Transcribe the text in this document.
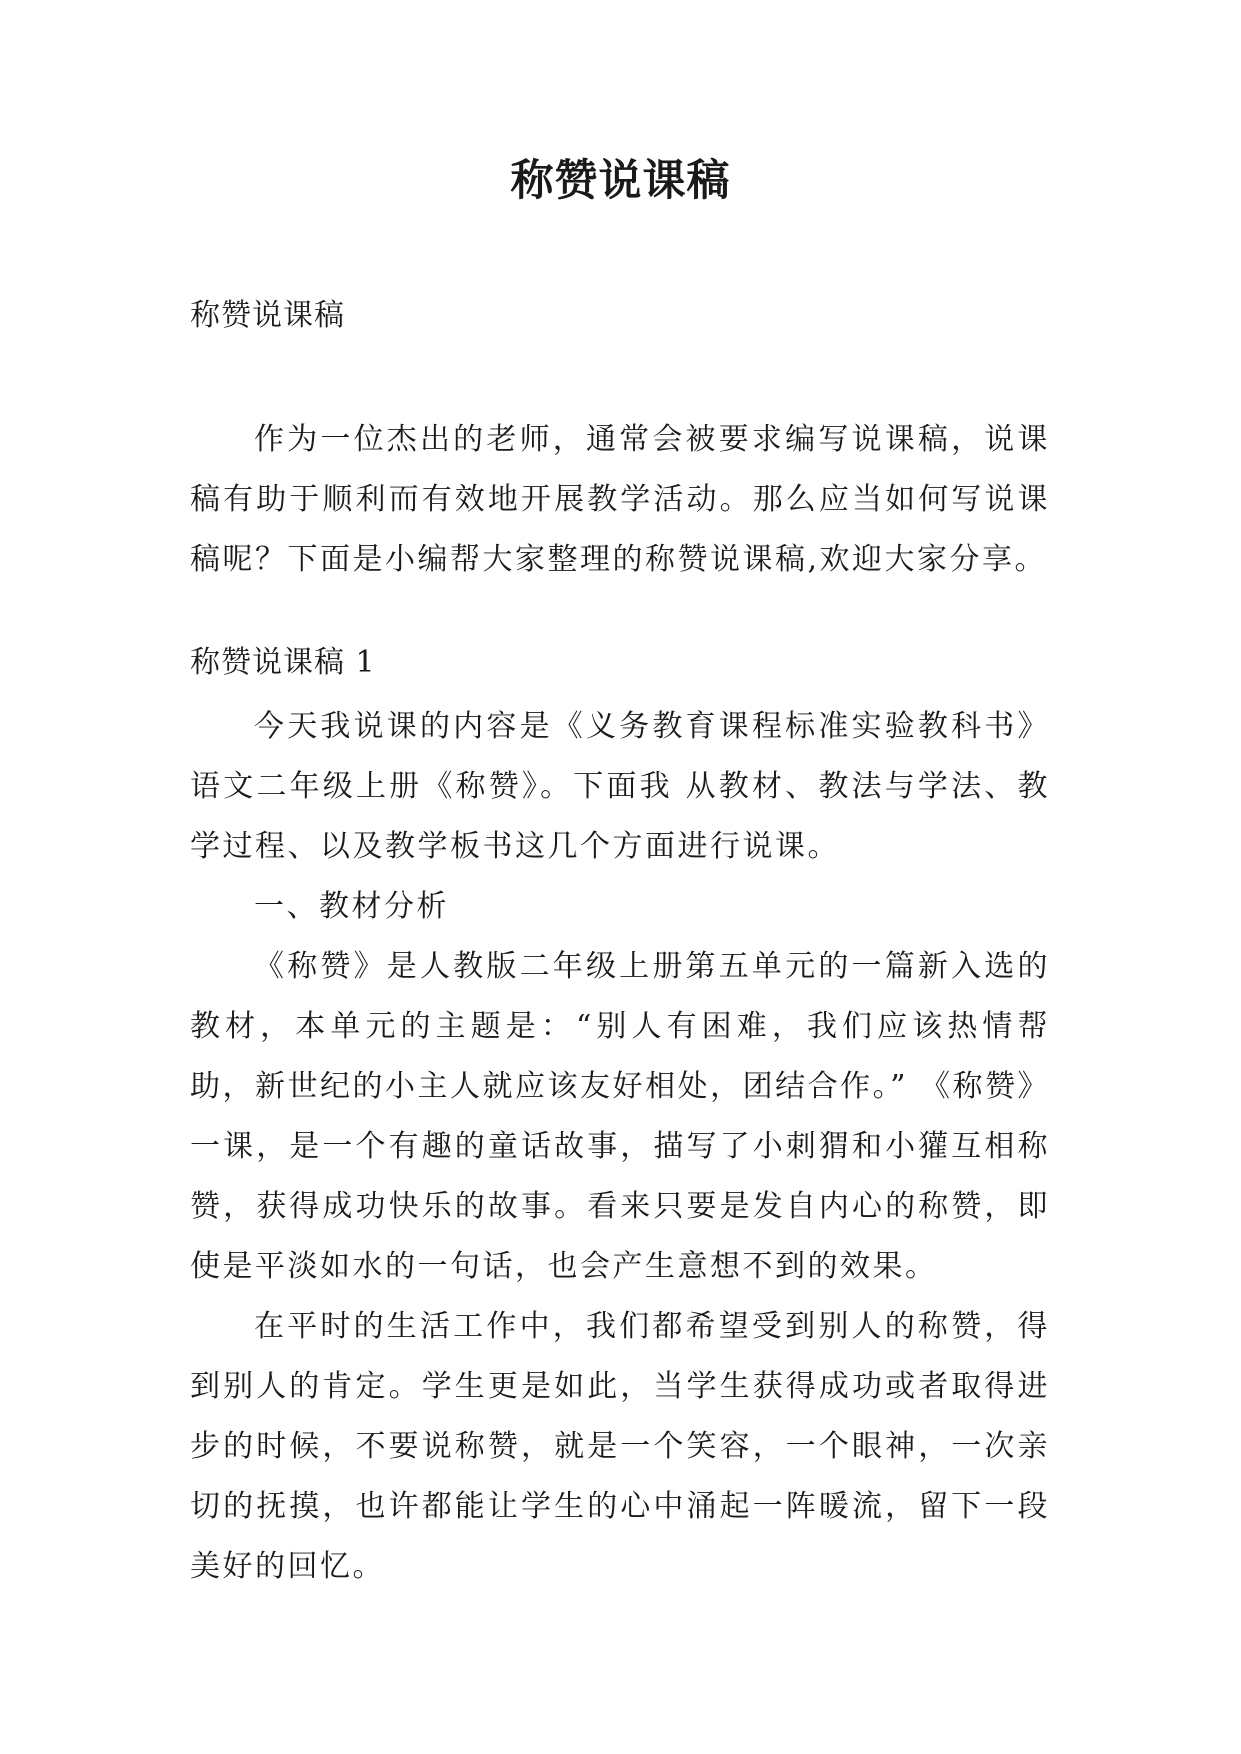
称赞说课稿
称赞说课稿

作为一位杰出的老师，通常会被要求编写说课稿，说课稿有助于顺利而有效地开展教学活动。那么应当如何写说课稿呢？下面是小编帮大家整理的称赞说课稿,欢迎大家分享。

称赞说课稿 1

今天我说课的内容是《义务教育课程标准实验教科书》语文二年级上册《称赞》。下面我 从教材、教法与学法、教学过程、以及教学板书这几个方面进行说课。

一、教材分析

《称赞》是人教版二年级上册第五单元的一篇新入选的教材，本单元的主题是：“别人有困难，我们应该热情帮助，新世纪的小主人就应该友好相处，团结合作。” 《称赞》一课，是一个有趣的童话故事，描写了小刺猬和小獾互相称赞，获得成功快乐的故事。看来只要是发自内心的称赞，即使是平淡如水的一句话，也会产生意想不到的效果。

在平时的生活工作中，我们都希望受到别人的称赞，得到别人的肯定。学生更是如此，当学生获得成功或者取得进步的时候，不要说称赞，就是一个笑容，一个眼神，一次亲切的抚摸，也许都能让学生的心中涌起一阵暖流，留下一段美好的回忆。
